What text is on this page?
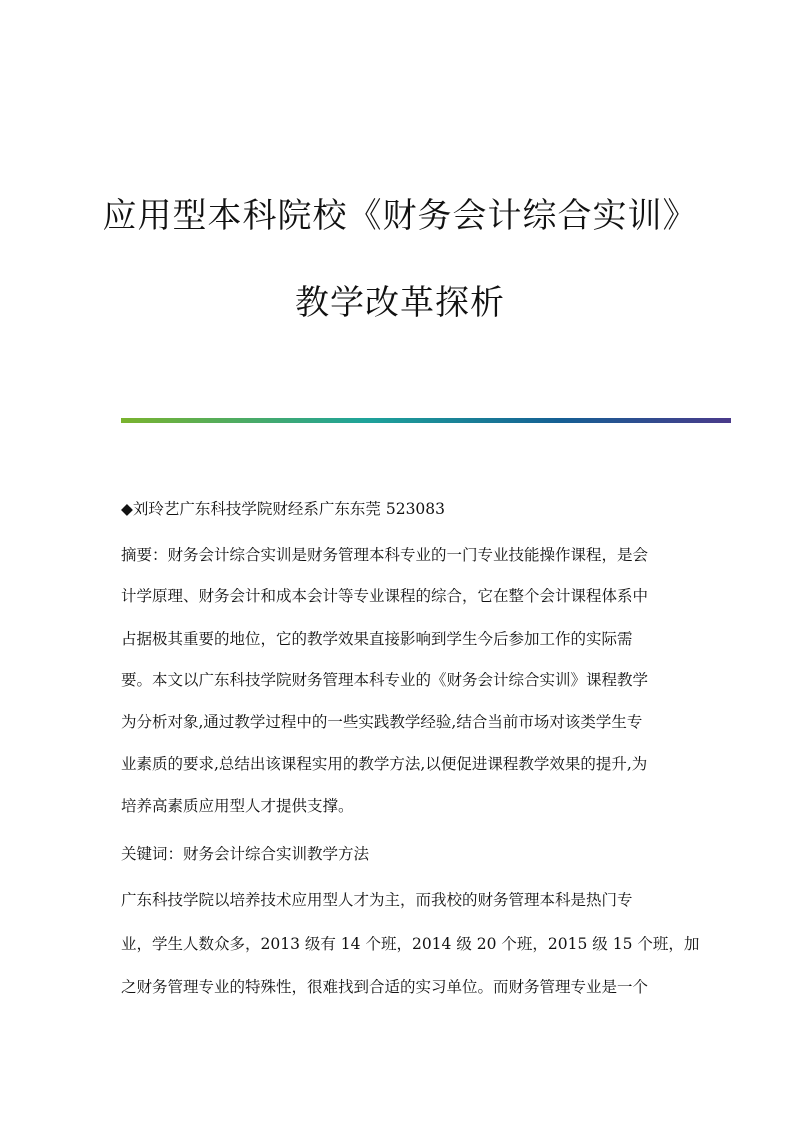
应用型本科院校《财务会计综合实训》
教学改革探析
◆刘玲艺广东科技学院财经系广东东莞 523083
摘要：财务会计综合实训是财务管理本科专业的一门专业技能操作课程，是会
计学原理、财务会计和成本会计等专业课程的综合，它在整个会计课程体系中
占据极其重要的地位，它的教学效果直接影响到学生今后参加工作的实际需
要。本文以广东科技学院财务管理本科专业的《财务会计综合实训》课程教学
为分析对象,通过教学过程中的一些实践教学经验,结合当前市场对该类学生专
业素质的要求,总结出该课程实用的教学方法,以便促进课程教学效果的提升,为
培养高素质应用型人才提供支撑。
关键词：财务会计综合实训教学方法
广东科技学院以培养技术应用型人才为主，而我校的财务管理本科是热门专
业，学生人数众多，2013 级有 14 个班，2014 级 20 个班，2015 级 15 个班，加
之财务管理专业的特殊性，很难找到合适的实习单位。而财务管理专业是一个
